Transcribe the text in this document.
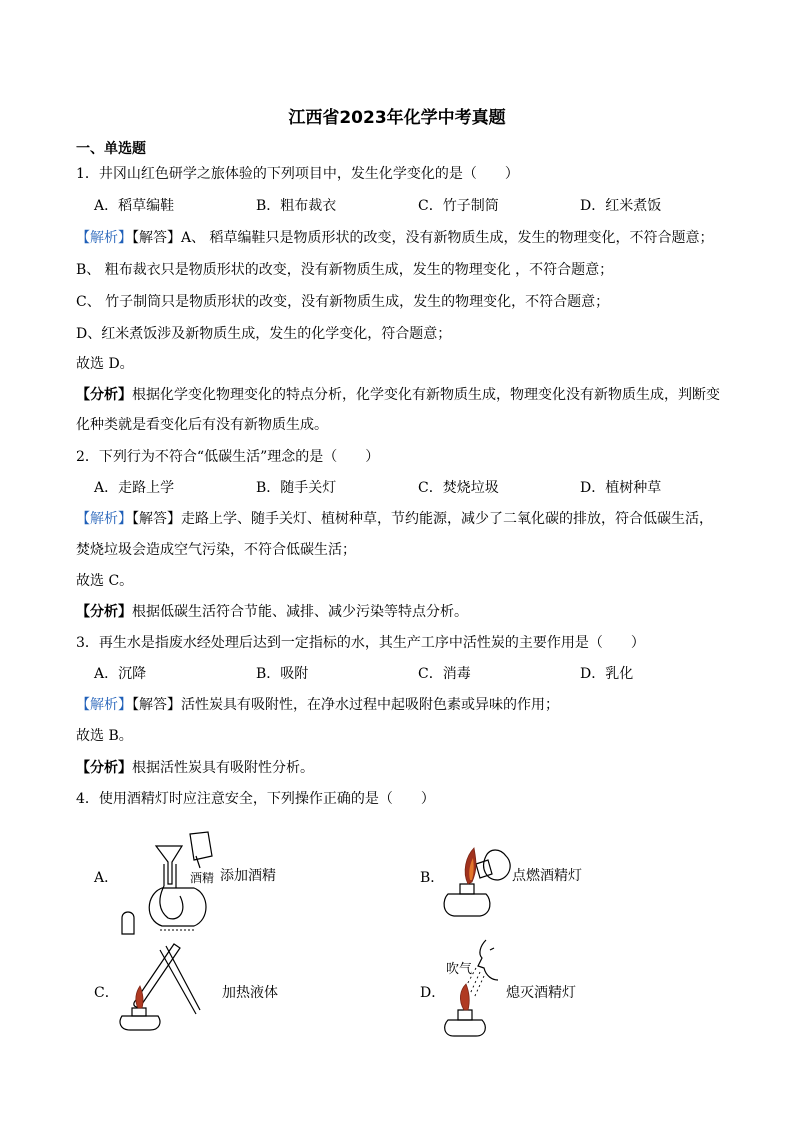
江西省2023年化学中考真题
一、单选题
1．井冈山红色研学之旅体验的下列项目中，发生化学变化的是（　　）
A．稻草编鞋	B．粗布裁衣	C．竹子制筒	D．红米煮饭
【解析】【解答】A、 稻草编鞋只是物质形状的改变，没有新物质生成，发生的物理变化，不符合题意；
B、 粗布裁衣只是物质形状的改变，没有新物质生成，发生的物理变化 ，不符合题意；
C、 竹子制筒只是物质形状的改变，没有新物质生成，发生的物理变化，不符合题意；
D、红米煮饭涉及新物质生成，发生的化学变化，符合题意；
故选 D。
【分析】根据化学变化物理变化的特点分析，化学变化有新物质生成，物理变化没有新物质生成，判断变
化种类就是看变化后有没有新物质生成。
2．下列行为不符合“低碳生活”理念的是（　　）
A．走路上学	B．随手关灯	C．焚烧垃圾	D．植树种草
【解析】【解答】走路上学、随手关灯、植树种草，节约能源，减少了二氧化碳的排放，符合低碳生活，
焚烧垃圾会造成空气污染，不符合低碳生活；
故选 C。
【分析】根据低碳生活符合节能、减排、减少污染等特点分析。
3．再生水是指废水经处理后达到一定指标的水，其生产工序中活性炭的主要作用是（　　）
A．沉降	B．吸附	C．消毒	D．乳化
【解析】【解答】活性炭具有吸附性，在净水过程中起吸附色素或异味的作用；
故选 B。
【分析】根据活性炭具有吸附性分析。
4．使用酒精灯时应注意安全，下列操作正确的是（　　）
A．	酒精 添加酒精	B．	点燃酒精灯
C．	加热液体	D．
吹气
熄灭酒精灯
